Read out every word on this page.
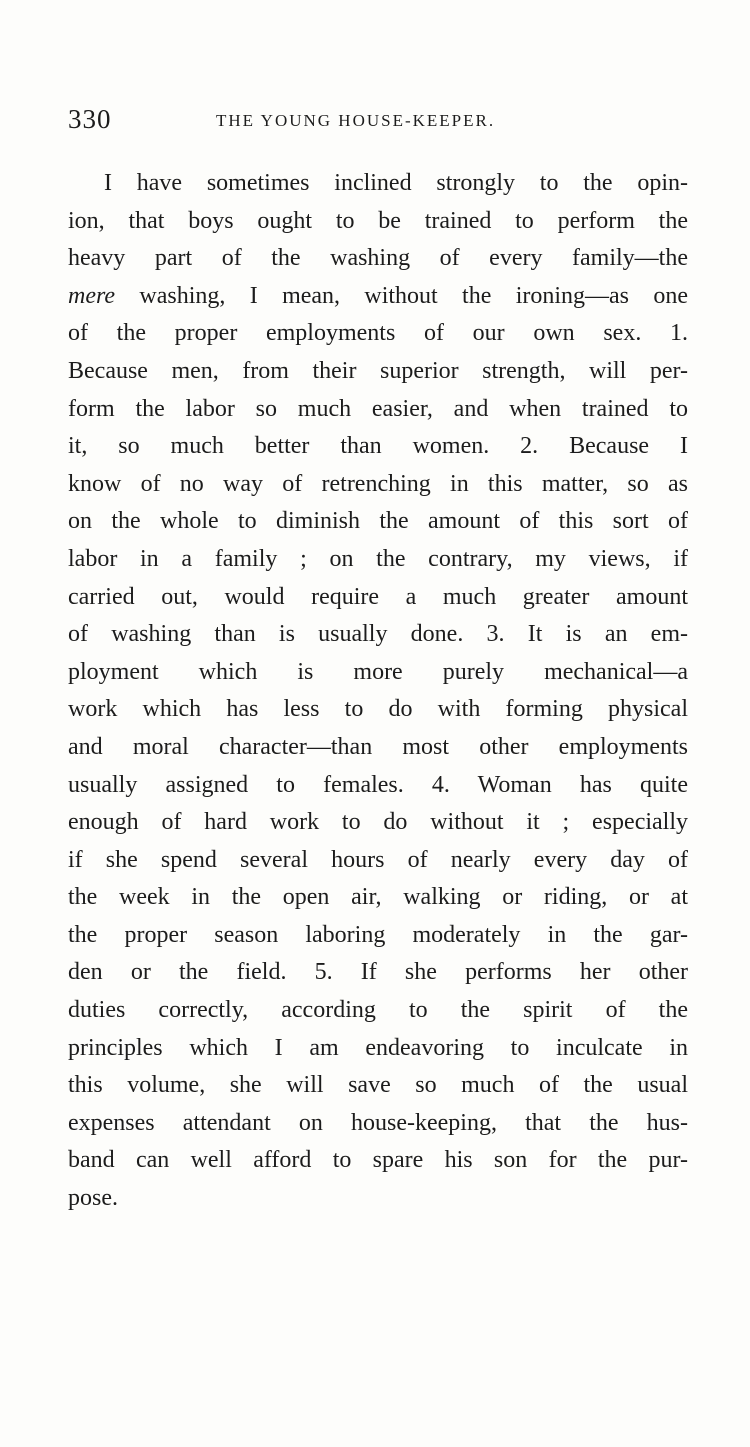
330	THE YOUNG HOUSE-KEEPER.
I have sometimes inclined strongly to the opin-
ion, that boys ought to be trained to perform the
heavy part of the washing of every family—the
mere washing, I mean, without the ironing—as one
of the proper employments of our own sex. 1.
Because men, from their superior strength, will per-
form the labor so much easier, and when trained to
it, so much better than women. 2. Because I
know of no way of retrenching in this matter, so as
on the whole to diminish the amount of this sort of
labor in a family ; on the contrary, my views, if
carried out, would require a much greater amount
of washing than is usually done. 3. It is an em-
ployment which is more purely mechanical—a
work which has less to do with forming physical
and moral character—than most other employments
usually assigned to females. 4. Woman has quite
enough of hard work to do without it ; especially
if she spend several hours of nearly every day of
the week in the open air, walking or riding, or at
the proper season laboring moderately in the gar-
den or the field. 5. If she performs her other
duties correctly, according to the spirit of the
principles which I am endeavoring to inculcate in
this volume, she will save so much of the usual
expenses attendant on house-keeping, that the hus-
band can well afford to spare his son for the pur-
pose.
